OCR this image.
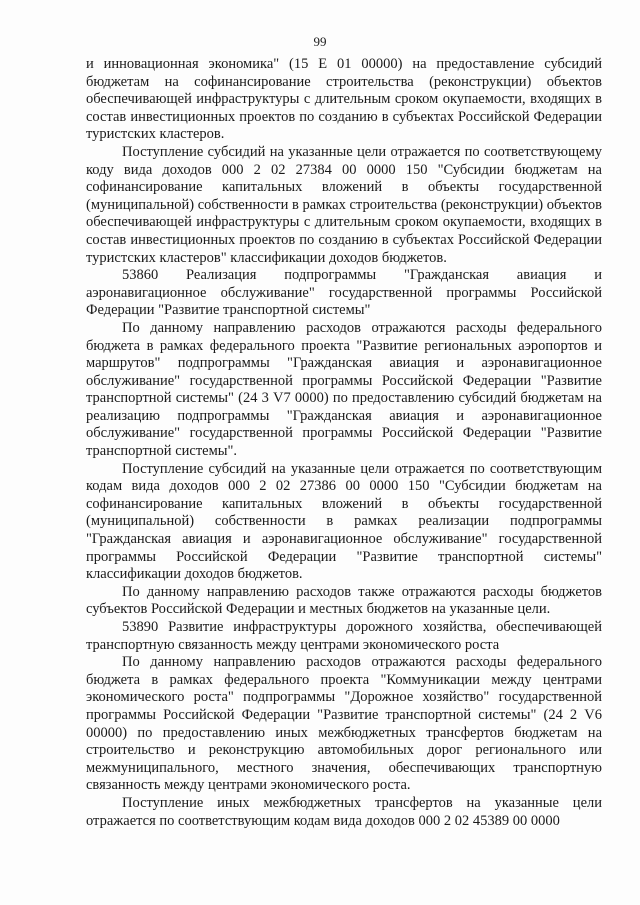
99

и инновационная экономика" (15 Е 01 00000) на предоставление субсидий бюджетам на софинансирование строительства (реконструкции) объектов обеспечивающей инфраструктуры с длительным сроком окупаемости, входящих в состав инвестиционных проектов по созданию в субъектах Российской Федерации туристских кластеров.

Поступление субсидий на указанные цели отражается по соответствующему коду вида доходов 000 2 02 27384 00 0000 150 "Субсидии бюджетам на софинансирование капитальных вложений в объекты государственной (муниципальной) собственности в рамках строительства (реконструкции) объектов обеспечивающей инфраструктуры с длительным сроком окупаемости, входящих в состав инвестиционных проектов по созданию в субъектах Российской Федерации туристских кластеров" классификации доходов бюджетов.

53860 Реализация подпрограммы "Гражданская авиация и аэронавигационное обслуживание" государственной программы Российской Федерации "Развитие транспортной системы"

По данному направлению расходов отражаются расходы федерального бюджета в рамках федерального проекта "Развитие региональных аэропортов и маршрутов" подпрограммы "Гражданская авиация и аэронавигационное обслуживание" государственной программы Российской Федерации "Развитие транспортной системы" (24 3 V7 0000) по предоставлению субсидий бюджетам на реализацию подпрограммы "Гражданская авиация и аэронавигационное обслуживание" государственной программы Российской Федерации "Развитие транспортной системы".

Поступление субсидий на указанные цели отражается по соответствующим кодам вида доходов 000 2 02 27386 00 0000 150 "Субсидии бюджетам на софинансирование капитальных вложений в объекты государственной (муниципальной) собственности в рамках реализации подпрограммы "Гражданская авиация и аэронавигационное обслуживание" государственной программы Российской Федерации "Развитие транспортной системы" классификации доходов бюджетов.

По данному направлению расходов также отражаются расходы бюджетов субъектов Российской Федерации и местных бюджетов на указанные цели.

53890 Развитие инфраструктуры дорожного хозяйства, обеспечивающей транспортную связанность между центрами экономического роста

По данному направлению расходов отражаются расходы федерального бюджета в рамках федерального проекта "Коммуникации между центрами экономического роста" подпрограммы "Дорожное хозяйство" государственной программы Российской Федерации "Развитие транспортной системы" (24 2 V6 00000) по предоставлению иных межбюджетных трансфертов бюджетам на строительство и реконструкцию автомобильных дорог регионального или межмуниципального, местного значения, обеспечивающих транспортную связанность между центрами экономического роста.

Поступление иных межбюджетных трансфертов на указанные цели отражается по соответствующим кодам вида доходов 000 2 02 45389 00 0000
